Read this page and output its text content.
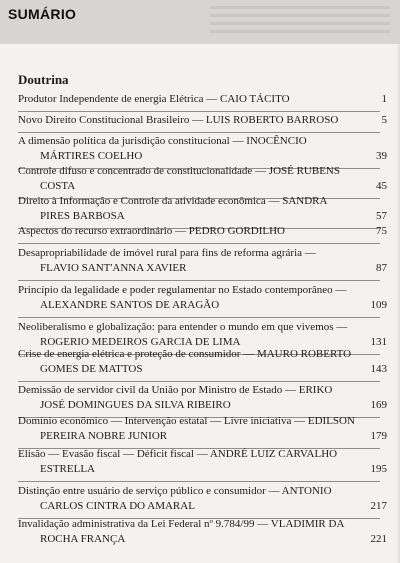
SUMÁRIO
Doutrina
Produtor Independente de energia Elétrica — CAIO TÁCITO	1
Novo Direito Constitucional Brasileiro — LUIS ROBERTO BARROSO	5
A dimensão política da jurisdição constitucional — INOCÊNCIO
MÁRTIRES COELHO	39
Controle difuso e concentrado de constitucionalidade — JOSÉ RUBENS
COSTA	45
Direito à Informação e Controle da atividade econômica — SANDRA
PIRES BARBOSA	57
Aspectos do recurso extraordinário — PEDRO GORDILHO	75
Desapropriabilidade de imóvel rural para fins de reforma agrária —
FLAVIO SANT'ANNA XAVIER	87
Princípio da legalidade e poder regulamentar no Estado contemporâneo —
ALEXANDRE SANTOS DE ARAGÃO	109
Neoliberalismo e globalização: para entender o mundo em que vivemos —
ROGERIO MEDEIROS GARCIA DE LIMA	131
Crise de energia elétrica e proteção de consumidor — MAURO ROBERTO
GOMES DE MATTOS	143
Demissão de servidor civil da União por Ministro de Estado — ERIKO
JOSÉ DOMINGUES DA SILVA RIBEIRO	169
Domínio econômico — Intervenção estatal — Livre iniciativa — EDILSON
PEREIRA NOBRE JUNIOR	179
Elisão — Evasão fiscal — Déficit fiscal — ANDRÉ LUIZ CARVALHO
ESTRELLA	195
Distinção entre usuário de serviço público e consumidor — ANTONIO
CARLOS CINTRA DO AMARAL	217
Invalidação administrativa da Lei Federal nº 9.784/99 — VLADIMIR DA
ROCHA FRANÇA	221
